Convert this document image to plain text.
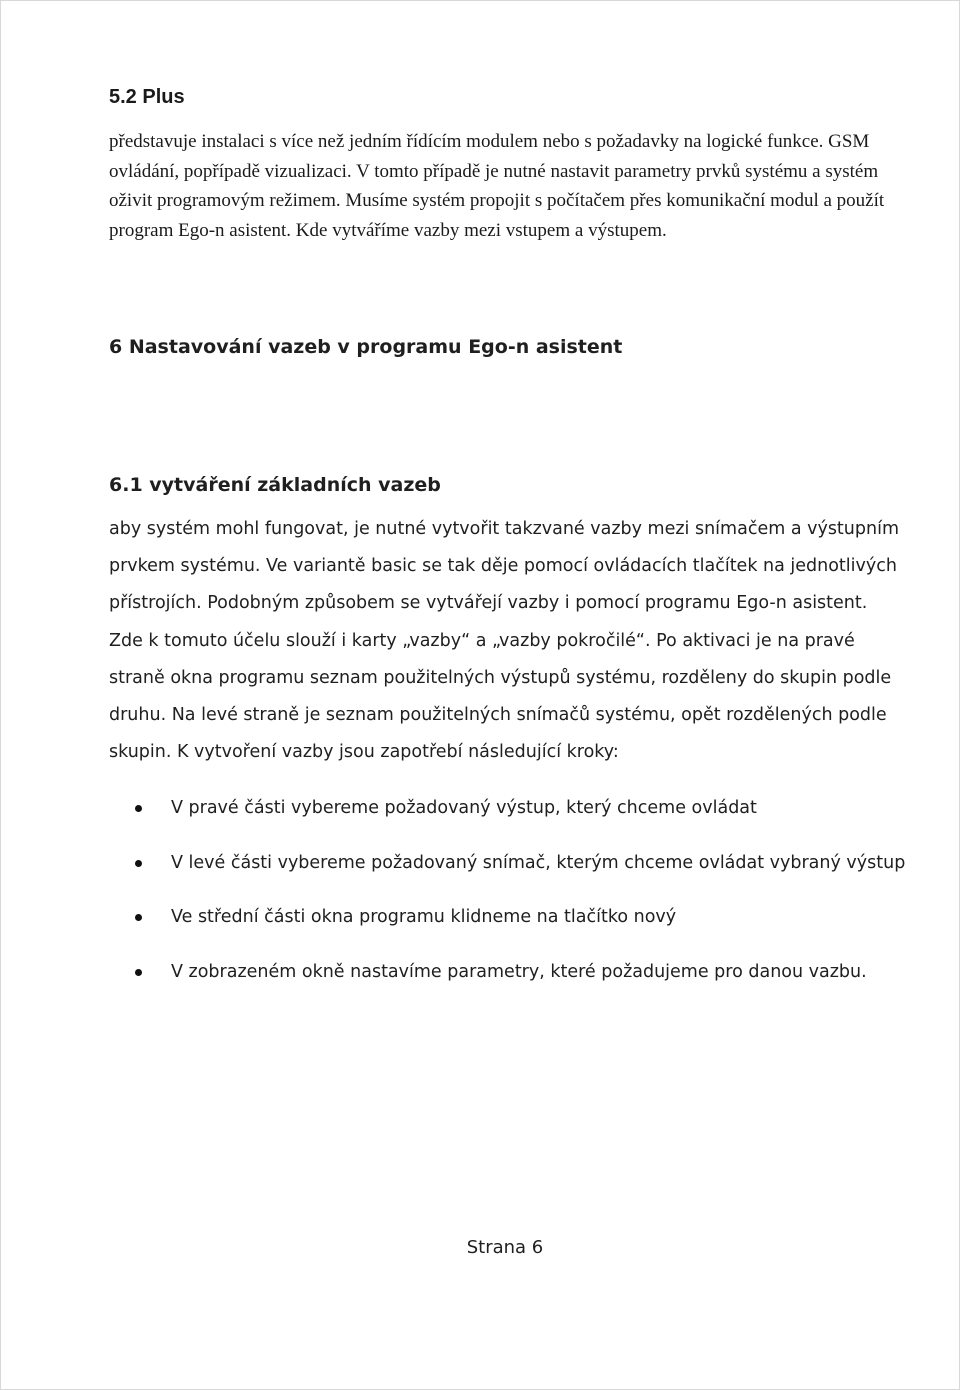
5.2 Plus
představuje instalaci s více než jedním řídícím modulem nebo s požadavky na logické funkce. GSM ovládání, popřípadě vizualizaci. V tomto případě je nutné nastavit parametry prvků systému a systém oživit programovým režimem. Musíme systém propojit s počítačem přes komunikační modul a použít program Ego-n asistent. Kde vytváříme vazby mezi vstupem a výstupem.
6 Nastavování vazeb v programu Ego-n asistent
6.1 vytváření základních vazeb
aby systém mohl fungovat, je nutné vytvořit takzvané vazby mezi snímačem a výstupním prvkem systému. Ve variantě basic se tak děje pomocí ovládacích tlačítek na jednotlivých přístrojích. Podobným způsobem se vytvářejí vazby i pomocí programu Ego-n asistent. Zde k tomuto účelu slouží i karty „vazby“ a „vazby pokročilé“. Po aktivaci je na pravé straně okna programu seznam použitelných výstupů systému, rozděleny do skupin podle druhu. Na levé straně je seznam použitelných snímačů systému, opět rozdělených podle skupin. K vytvoření vazby jsou zapotřebí následující kroky:
V pravé části vybereme požadovaný výstup, který chceme ovládat
V levé části vybereme požadovaný snímač, kterým chceme ovládat vybraný výstup
Ve střední části okna programu klidneme na tlačítko nový
V zobrazeném okně nastavíme parametry, které požadujeme pro danou vazbu.
Strana 6
